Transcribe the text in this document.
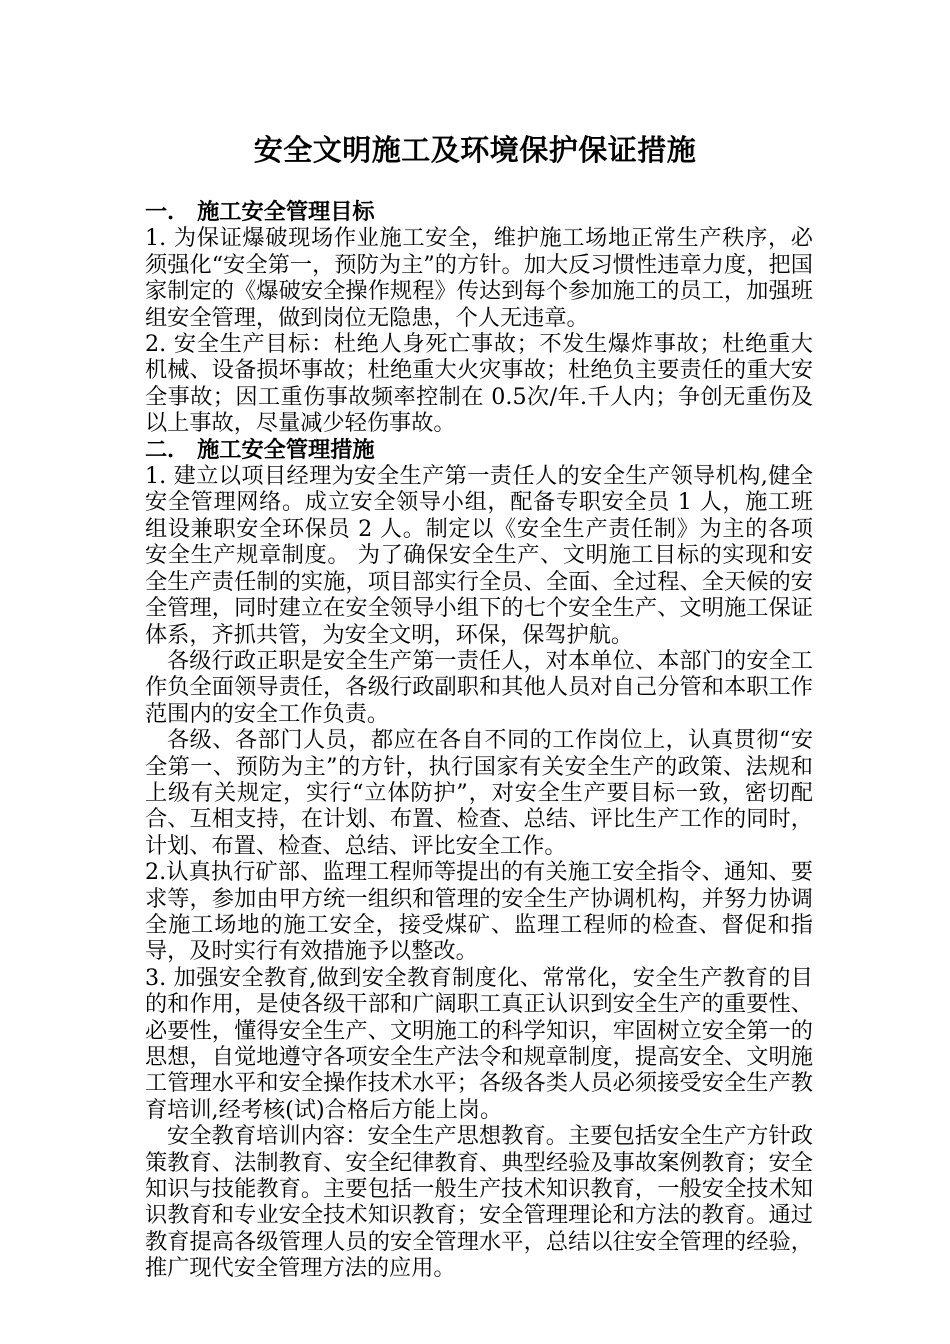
安全文明施工及环境保护保证措施

一． 施工安全管理目标

1. 为保证爆破现场作业施工安全，维护施工场地正常生产秩序，必须强化“安全第一，预防为主”的方针。加大反习惯性违章力度，把国家制定的《爆破安全操作规程》传达到每个参加施工的员工，加强班组安全管理，做到岗位无隐患，个人无违章。

2. 安全生产目标：杜绝人身死亡事故；不发生爆炸事故；杜绝重大机械、设备损坏事故；杜绝重大火灾事故；杜绝负主要责任的重大安全事故；因工重伤事故频率控制在 0.5次/年.千人内；争创无重伤及以上事故，尽量减少轻伤事故。

二． 施工安全管理措施

1. 建立以项目经理为安全生产第一责任人的安全生产领导机构,健全安全管理网络。成立安全领导小组，配备专职安全员 1 人，施工班组设兼职安全环保员 2 人。制定以《安全生产责任制》为主的各项安全生产规章制度。 为了确保安全生产、文明施工目标的实现和安全生产责任制的实施，项目部实行全员、全面、全过程、全天候的安全管理，同时建立在安全领导小组下的七个安全生产、文明施工保证体系，齐抓共管，为安全文明，环保，保驾护航。

各级行政正职是安全生产第一责任人，对本单位、本部门的安全工作负全面领导责任，各级行政副职和其他人员对自己分管和本职工作范围内的安全工作负责。

各级、各部门人员，都应在各自不同的工作岗位上，认真贯彻“安全第一、预防为主”的方针，执行国家有关安全生产的政策、法规和上级有关规定，实行“立体防护”，对安全生产要目标一致，密切配合、互相支持，在计划、布置、检查、总结、评比生产工作的同时，计划、布置、检查、总结、评比安全工作。

2.认真执行矿部、监理工程师等提出的有关施工安全指令、通知、要求等，参加由甲方统一组织和管理的安全生产协调机构，并努力协调全施工场地的施工安全，接受煤矿、监理工程师的检查、督促和指导，及时实行有效措施予以整改。

3. 加强安全教育,做到安全教育制度化、常常化，安全生产教育的目的和作用，是使各级干部和广阔职工真正认识到安全生产的重要性、必要性，懂得安全生产、文明施工的科学知识，牢固树立安全第一的思想，自觉地遵守各项安全生产法令和规章制度，提高安全、文明施工管理水平和安全操作技术水平；各级各类人员必须接受安全生产教育培训,经考核(试)合格后方能上岗。

安全教育培训内容：安全生产思想教育。主要包括安全生产方针政策教育、法制教育、安全纪律教育、典型经验及事故案例教育；安全知识与技能教育。主要包括一般生产技术知识教育，一般安全技术知识教育和专业安全技术知识教育；安全管理理论和方法的教育。通过教育提高各级管理人员的安全管理水平，总结以往安全管理的经验，推广现代安全管理方法的应用。
